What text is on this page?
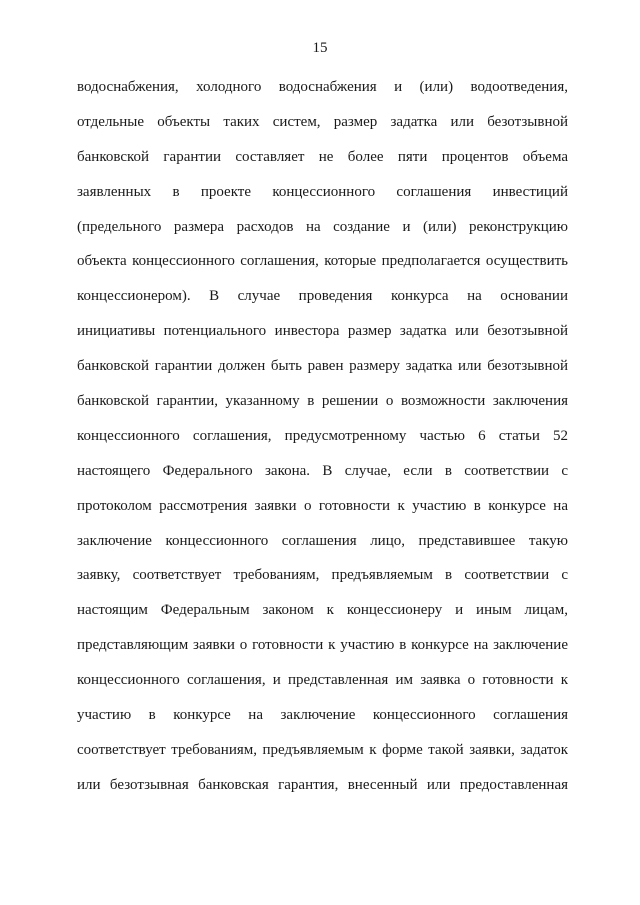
15
водоснабжения, холодного водоснабжения и (или) водоотведения,
отдельные объекты таких систем, размер задатка или безотзывной
банковской гарантии составляет не более пяти процентов объема
заявленных в проекте концессионного соглашения инвестиций
(предельного размера расходов на создание и (или) реконструкцию
объекта концессионного соглашения, которые предполагается осуществить
концессионером). В случае проведения конкурса на основании
инициативы потенциального инвестора размер задатка или безотзывной
банковской гарантии должен быть равен размеру задатка или безотзывной
банковской гарантии, указанному в решении о возможности заключения
концессионного соглашения, предусмотренному частью 6 статьи 52
настоящего Федерального закона. В случае, если в соответствии с
протоколом рассмотрения заявки о готовности к участию в конкурсе на
заключение концессионного соглашения лицо, представившее такую
заявку, соответствует требованиям, предъявляемым в соответствии с
настоящим Федеральным законом к концессионеру и иным лицам,
представляющим заявки о готовности к участию в конкурсе на заключение
концессионного соглашения, и представленная им заявка о готовности к
участию в конкурсе на заключение концессионного соглашения
соответствует требованиям, предъявляемым к форме такой заявки, задаток
или безотзывная банковская гарантия, внесенный или предоставленная
